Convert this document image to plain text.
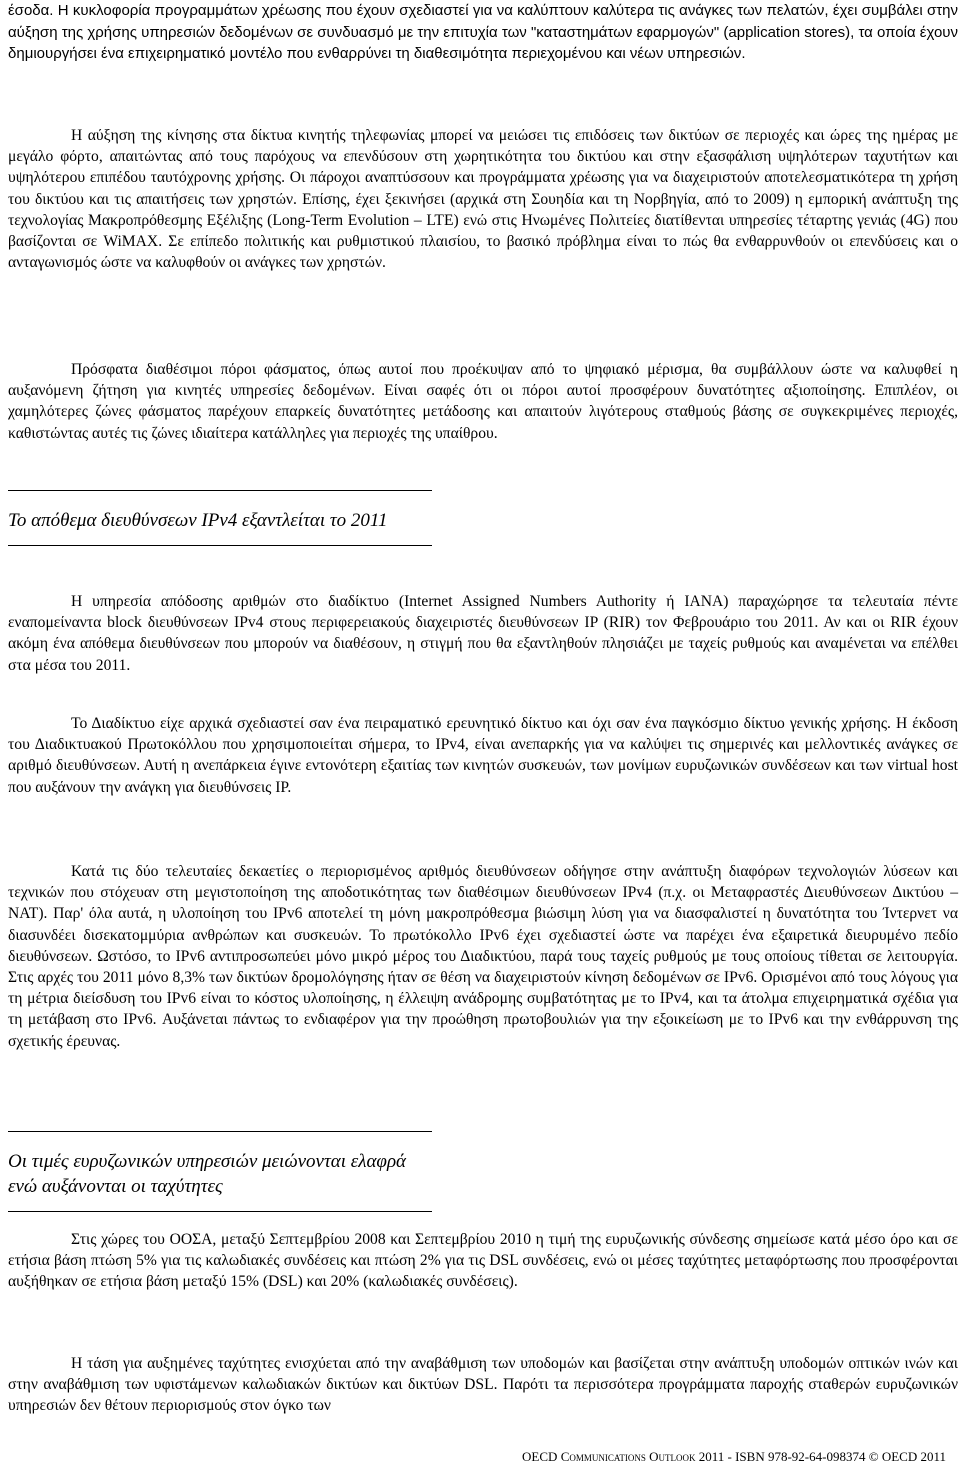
έσοδα. Η κυκλοφορία προγραμμάτων χρέωσης που έχουν σχεδιαστεί για να καλύπτουν καλύτερα τις ανάγκες των πελατών, έχει συμβάλει στην αύξηση της χρήσης υπηρεσιών δεδομένων σε συνδυασμό με την επιτυχία των "καταστημάτων εφαρμογών" (application stores), τα οποία έχουν δημιουργήσει ένα επιχειρηματικό μοντέλο που ενθαρρύνει τη διαθεσιμότητα περιεχομένου και νέων υπηρεσιών.

Η αύξηση της κίνησης στα δίκτυα κινητής τηλεφωνίας μπορεί να μειώσει τις επιδόσεις των δικτύων σε περιοχές και ώρες της ημέρας με μεγάλο φόρτο, απαιτώντας από τους παρόχους να επενδύσουν στη χωρητικότητα του δικτύου και στην εξασφάλιση υψηλότερων ταχυτήτων και υψηλότερου επιπέδου ταυτόχρονης χρήσης. Οι πάροχοι αναπτύσσουν και προγράμματα χρέωσης για να διαχειριστούν αποτελεσματικότερα τη χρήση του δικτύου και τις απαιτήσεις των χρηστών. Επίσης, έχει ξεκινήσει (αρχικά στη Σουηδία και τη Νορβηγία, από το 2009) η εμπορική ανάπτυξη της τεχνολογίας Μακροπρόθεσμης Εξέλιξης (Long-Term Evolution – LTE) ενώ στις Ηνωμένες Πολιτείες διατίθενται υπηρεσίες τέταρτης γενιάς (4G) που βασίζονται σε WiMAX. Σε επίπεδο πολιτικής και ρυθμιστικού πλαισίου, το βασικό πρόβλημα είναι το πώς θα ενθαρρυνθούν οι επενδύσεις και ο ανταγωνισμός ώστε να καλυφθούν οι ανάγκες των χρηστών.

Πρόσφατα διαθέσιμοι πόροι φάσματος, όπως αυτοί που προέκυψαν από το ψηφιακό μέρισμα, θα συμβάλλουν ώστε να καλυφθεί η αυξανόμενη ζήτηση για κινητές υπηρεσίες δεδομένων. Είναι σαφές ότι οι πόροι αυτοί προσφέρουν δυνατότητες αξιοποίησης. Επιπλέον, οι χαμηλότερες ζώνες φάσματος παρέχουν επαρκείς δυνατότητες μετάδοσης και απαιτούν λιγότερους σταθμούς βάσης σε συγκεκριμένες περιοχές, καθιστώντας αυτές τις ζώνες ιδιαίτερα κατάλληλες για περιοχές της υπαίθρου.

Το απόθεμα διευθύνσεων IPv4 εξαντλείται το 2011

Η υπηρεσία απόδοσης αριθμών στο διαδίκτυο (Internet Assigned Numbers Authority ή IANA) παραχώρησε τα τελευταία πέντε εναπομείναντα block διευθύνσεων IPv4 στους περιφερειακούς διαχειριστές διευθύνσεων IP (RIR) τον Φεβρουάριο του 2011. Αν και οι RIR έχουν ακόμη ένα απόθεμα διευθύνσεων που μπορούν να διαθέσουν, η στιγμή που θα εξαντληθούν πλησιάζει με ταχείς ρυθμούς και αναμένεται να επέλθει στα μέσα του 2011.

Το Διαδίκτυο είχε αρχικά σχεδιαστεί σαν ένα πειραματικό ερευνητικό δίκτυο και όχι σαν ένα παγκόσμιο δίκτυο γενικής χρήσης. Η έκδοση του Διαδικτυακού Πρωτοκόλλου που χρησιμοποιείται σήμερα, το IPv4, είναι ανεπαρκής για να καλύψει τις σημερινές και μελλοντικές ανάγκες σε αριθμό διευθύνσεων. Αυτή η ανεπάρκεια έγινε εντονότερη εξαιτίας των κινητών συσκευών, των μονίμων ευρυζωνικών συνδέσεων και των virtual host που αυξάνουν την ανάγκη για διευθύνσεις IP.

Κατά τις δύο τελευταίες δεκαετίες ο περιορισμένος αριθμός διευθύνσεων οδήγησε στην ανάπτυξη διαφόρων τεχνολογιών λύσεων και τεχνικών που στόχευαν στη μεγιστοποίηση της αποδοτικότητας των διαθέσιμων διευθύνσεων IPv4 (π.χ. οι Μεταφραστές Διευθύνσεων Δικτύου – NAT). Παρ' όλα αυτά, η υλοποίηση του IPv6 αποτελεί τη μόνη μακροπρόθεσμα βιώσιμη λύση για να διασφαλιστεί η δυνατότητα του Ίντερνετ να διασυνδέει δισεκατομμύρια ανθρώπων και συσκευών. Το πρωτόκολλο IPv6 έχει σχεδιαστεί ώστε να παρέχει ένα εξαιρετικά διευρυμένο πεδίο διευθύνσεων. Ωστόσο, το IPv6 αντιπροσωπεύει μόνο μικρό μέρος του Διαδικτύου, παρά τους ταχείς ρυθμούς με τους οποίους τίθεται σε λειτουργία. Στις αρχές του 2011 μόνο 8,3% των δικτύων δρομολόγησης ήταν σε θέση να διαχειριστούν κίνηση δεδομένων σε IPv6. Ορισμένοι από τους λόγους για τη μέτρια διείσδυση του IPv6 είναι το κόστος υλοποίησης, η έλλειψη ανάδρομης συμβατότητας με το IPv4, και τα άτολμα επιχειρηματικά σχέδια για τη μετάβαση στο IPv6. Αυξάνεται πάντως το ενδιαφέρον για την προώθηση πρωτοβουλιών για την εξοικείωση με το IPv6 και την ενθάρρυνση της σχετικής έρευνας.

Οι τιμές ευρυζωνικών υπηρεσιών μειώνονται ελαφρά ενώ αυξάνονται οι ταχύτητες

Στις χώρες του ΟΟΣΑ, μεταξύ Σεπτεμβρίου 2008 και Σεπτεμβρίου 2010 η τιμή της ευρυζωνικής σύνδεσης σημείωσε κατά μέσο όρο και σε ετήσια βάση πτώση 5% για τις καλωδιακές συνδέσεις και πτώση 2% για τις DSL συνδέσεις, ενώ οι μέσες ταχύτητες μεταφόρτωσης που προσφέρονται αυξήθηκαν σε ετήσια βάση μεταξύ 15% (DSL) και 20% (καλωδιακές συνδέσεις).

Η τάση για αυξημένες ταχύτητες ενισχύεται από την αναβάθμιση των υποδομών και βασίζεται στην ανάπτυξη υποδομών οπτικών ινών και στην αναβάθμιση των υφιστάμενων καλωδιακών δικτύων και δικτύων DSL. Παρότι τα περισσότερα προγράμματα παροχής σταθερών ευρυζωνικών υπηρεσιών δεν θέτουν περιορισμούς στον όγκο των

OECD Communications Outlook 2011 - ISBN 978-92-64-098374 © OECD 2011
